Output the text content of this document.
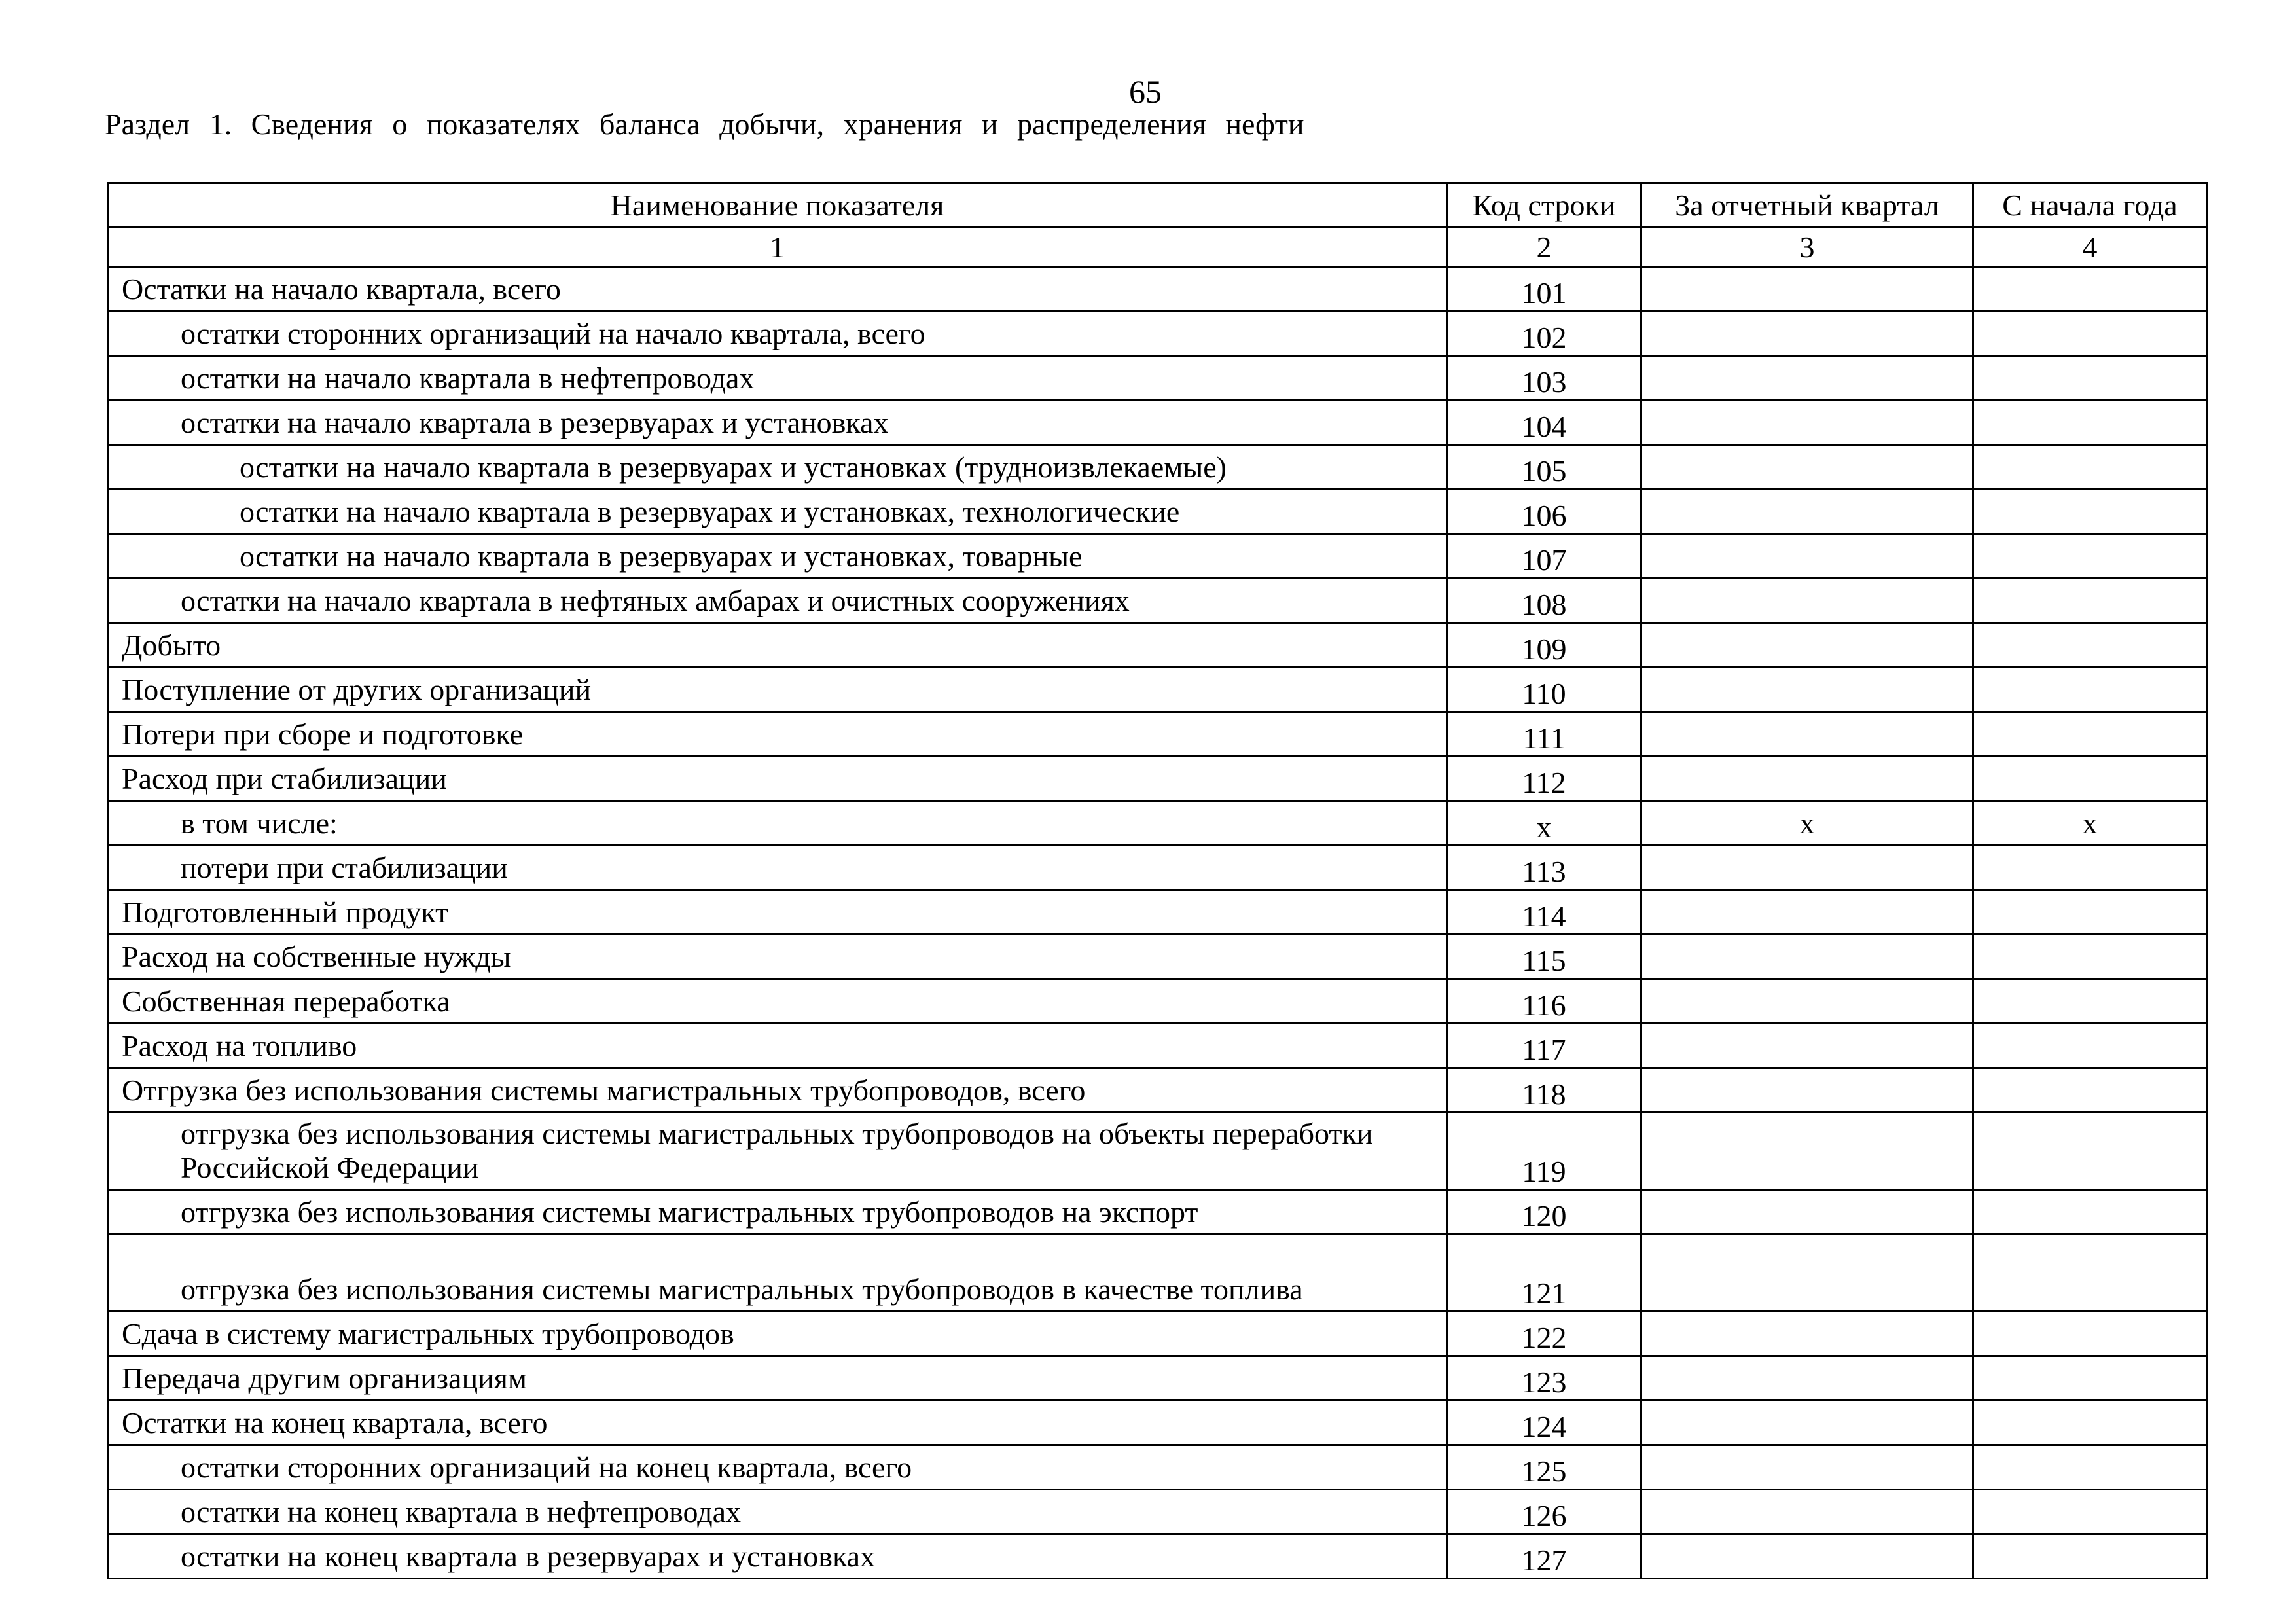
65
Раздел 1. Сведения о показателях баланса добычи, хранения и распределения нефти
Наименование показателя	Код строки	За отчетный квартал	С начала года
1	2	3	4
Остатки на начало квартала, всего	101		
остатки сторонних организаций на начало квартала, всего	102		
остатки на начало квартала в нефтепроводах	103		
остатки на начало квартала в резервуарах и установках	104		
остатки на начало квартала в резервуарах и установках (трудноизвлекаемые)	105		
остатки на начало квартала в резервуарах и установках, технологические	106		
остатки на начало квартала в резервуарах и установках, товарные	107		
остатки на начало квартала в нефтяных амбарах и очистных сооружениях	108		
Добыто	109		
Поступление от других организаций	110		
Потери при сборе и подготовке	111		
Расход при стабилизации	112		
в том числе:	х	х	х
потери при стабилизации	113		
Подготовленный продукт	114		
Расход на собственные нужды	115		
Собственная переработка	116		
Расход на топливо	117		
Отгрузка без использования системы магистральных трубопроводов, всего	118		
отгрузка без использования системы магистральных трубопроводов на объекты переработки Российской Федерации	119		
отгрузка без использования системы магистральных трубопроводов на экспорт	120		
отгрузка без использования системы магистральных трубопроводов в качестве топлива	121		
Сдача в систему магистральных трубопроводов	122		
Передача другим организациям	123		
Остатки на конец квартала, всего	124		
остатки сторонних организаций на конец квартала, всего	125		
остатки на конец квартала в нефтепроводах	126		
остатки на конец квартала в резервуарах и установках	127		
